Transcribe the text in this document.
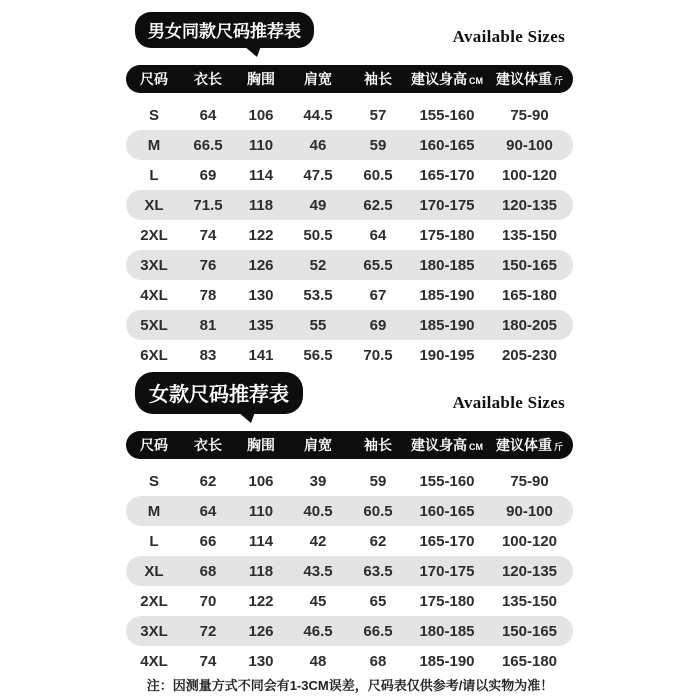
男女同款尺码推荐表	Available Sizes
尺码	衣长	胸围	肩宽	袖长	建议身高 CM 建议体重 斤
S	64	106	44.5	57	155-160	75-90
M	66.5	110	46	59	160-165	90-100
L	69	114	47.5	60.5	165-170	100-120
XL	71.5	118	49	62.5	170-175	120-135
2XL	74	122	50.5	64	175-180	135-150
3XL	76	126	52	65.5	180-185	150-165
4XL	78	130	53.5	67	185-190	165-180
5XL	81	135	55	69	185-190	180-205
6XL	83	141	56.5	70.5	190-195	205-230
女款尺码推荐表	Available Sizes
尺码	衣长	胸围	肩宽	袖长	建议身高 CM 建议体重 斤
S	62	106	39	59	155-160	75-90
M	64	110	40.5	60.5	160-165	90-100
L	66	114	42	62	165-170	100-120
XL	68	118	43.5	63.5	170-175	120-135
2XL	70	122	45	65	175-180	135-150
3XL	72	126	46.5	66.5	180-185	150-165
4XL	74	130	48	68	185-190	165-180
注：因测量方式不同会有1-3CM误差，尺码表仅供参考/请以实物为准！
